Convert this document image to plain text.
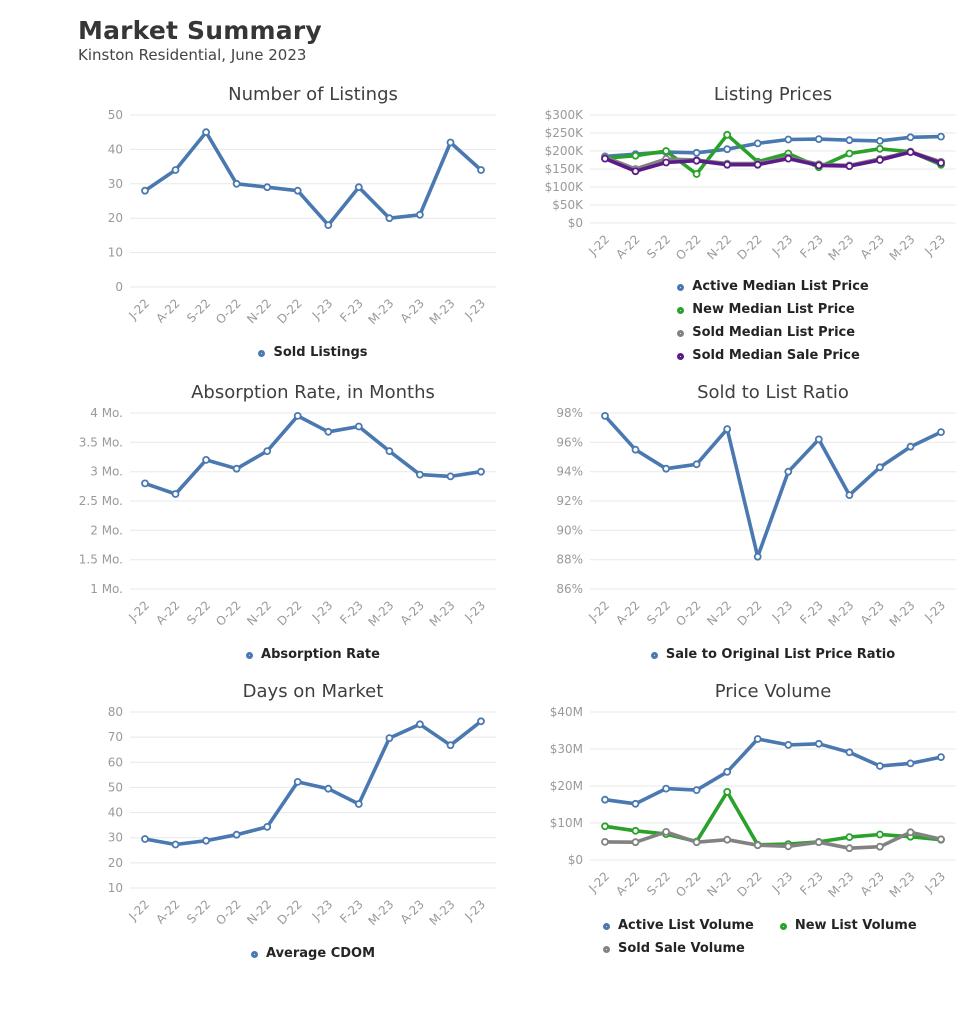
Market Summary
Kinston Residential, June 2023
Number of Listings
0
10
20
30
40
50
J-22 A-22 S-22 O-22 N-22 D-22 J-23 F-23 M-23 A-23 M-23 J-23
Sold Listings
Listing Prices
$0
$50K
$100K
$150K
$200K
$250K
$300K
J-22 A-22 S-22 O-22 N-22 D-22 J-23 F-23 M-23 A-23 M-23 J-23
Active Median List Price
New Median List Price
Sold Median List Price
Sold Median Sale Price
Absorption Rate, in Months
1 Mo.
1.5 Mo.
2 Mo.
2.5 Mo.
3 Mo.
3.5 Mo.
4 Mo.
J-22 A-22 S-22 O-22 N-22 D-22 J-23 F-23 M-23 A-23 M-23 J-23
Absorption Rate
Sold to List Ratio
86%
88%
90%
92%
94%
96%
98%
J-22 A-22 S-22 O-22 N-22 D-22 J-23 F-23 M-23 A-23 M-23 J-23
Sale to Original List Price Ratio
Days on Market
10
20
30
40
50
60
70
80
J-22 A-22 S-22 O-22 N-22 D-22 J-23 F-23 M-23 A-23 M-23 J-23
Average CDOM
Price Volume
$0
$10M
$20M
$30M
$40M
J-22 A-22 S-22 O-22 N-22 D-22 J-23 F-23 M-23 A-23 M-23 J-23
Active List Volume	New List Volume
Sold Sale Volume
